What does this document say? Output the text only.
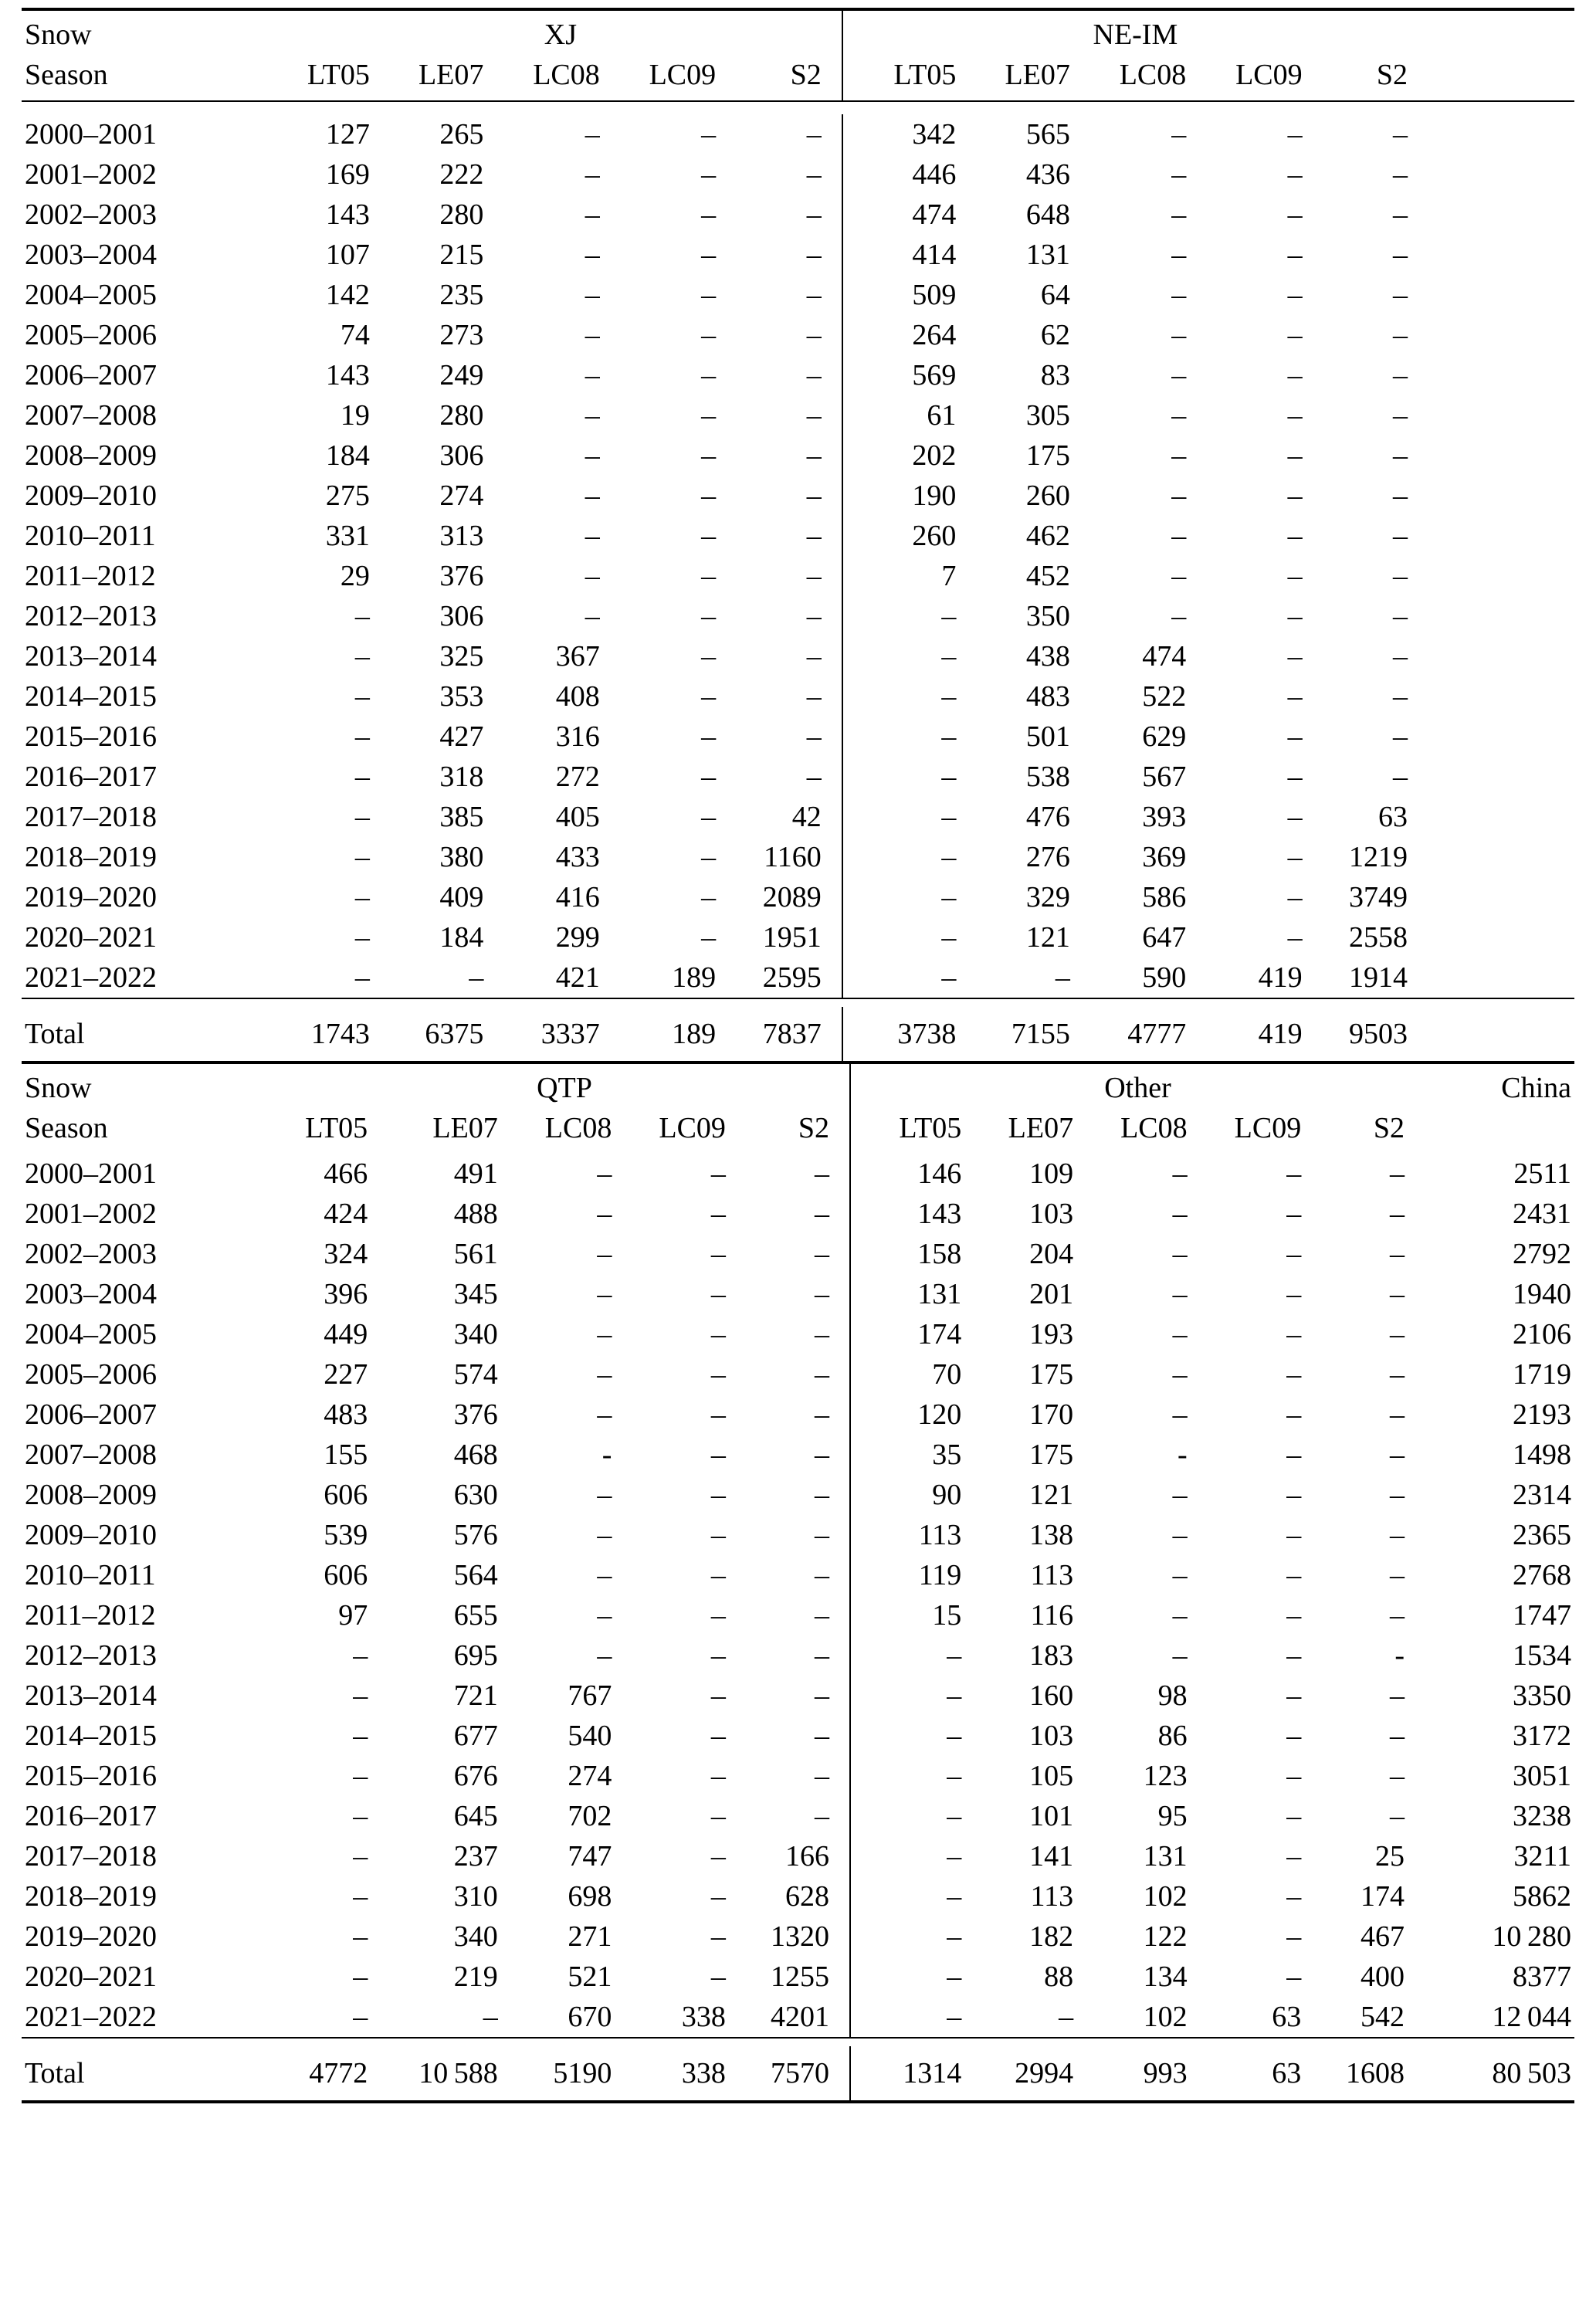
Snow	XJ					NE-IM					
Season	LT05	LE07	LC08	LC09	S2	LT05	LE07	LC08	LC09	S2	

2000–2001	127	265	–	–	–	342	565	–	–	–	
2001–2002	169	222	–	–	–	446	436	–	–	–	
2002–2003	143	280	–	–	–	474	648	–	–	–	
2003–2004	107	215	–	–	–	414	131	–	–	–	
2004–2005	142	235	–	–	–	509	64	–	–	–	
2005–2006	74	273	–	–	–	264	62	–	–	–	
2006–2007	143	249	–	–	–	569	83	–	–	–	
2007–2008	19	280	–	–	–	61	305	–	–	–	
2008–2009	184	306	–	–	–	202	175	–	–	–	
2009–2010	275	274	–	–	–	190	260	–	–	–	
2010–2011	331	313	–	–	–	260	462	–	–	–	
2011–2012	29	376	–	–	–	7	452	–	–	–	
2012–2013	–	306	–	–	–	–	350	–	–	–	
2013–2014	–	325	367	–	–	–	438	474	–	–	
2014–2015	–	353	408	–	–	–	483	522	–	–	
2015–2016	–	427	316	–	–	–	501	629	–	–	
2016–2017	–	318	272	–	–	–	538	567	–	–	
2017–2018	–	385	405	–	42	–	476	393	–	63	
2018–2019	–	380	433	–	1160	–	276	369	–	1219	
2019–2020	–	409	416	–	2089	–	329	586	–	3749	
2020–2021	–	184	299	–	1951	–	121	647	–	2558	
2021–2022	–	–	421	189	2595	–	–	590	419	1914	

Total	1743	6375	3337	189	7837	3738	7155	4777	419	9503	

Snow	QTP					Other					China
Season	LT05	LE07	LC08	LC09	S2	LT05	LE07	LC08	LC09	S2	
2000–2001	466	491	–	–	–	146	109	–	–	–	2511
2001–2002	424	488	–	–	–	143	103	–	–	–	2431
2002–2003	324	561	–	–	–	158	204	–	–	–	2792
2003–2004	396	345	–	–	–	131	201	–	–	–	1940
2004–2005	449	340	–	–	–	174	193	–	–	–	2106
2005–2006	227	574	–	–	–	70	175	–	–	–	1719
2006–2007	483	376	–	–	–	120	170	–	–	–	2193
2007–2008	155	468	-	–	–	35	175	-	–	–	1498
2008–2009	606	630	–	–	–	90	121	–	–	–	2314
2009–2010	539	576	–	–	–	113	138	–	–	–	2365
2010–2011	606	564	–	–	–	119	113	–	–	–	2768
2011–2012	97	655	–	–	–	15	116	–	–	–	1747
2012–2013	–	695	–	–	–	–	183	–	–	-	1534
2013–2014	–	721	767	–	–	–	160	98	–	–	3350
2014–2015	–	677	540	–	–	–	103	86	–	–	3172
2015–2016	–	676	274	–	–	–	105	123	–	–	3051
2016–2017	–	645	702	–	–	–	101	95	–	–	3238
2017–2018	–	237	747	–	166	–	141	131	–	25	3211
2018–2019	–	310	698	–	628	–	113	102	–	174	5862
2019–2020	–	340	271	–	1320	–	182	122	–	467	10 280
2020–2021	–	219	521	–	1255	–	88	134	–	400	8377
2021–2022	–	–	670	338	4201	–	–	102	63	542	12 044

Total	4772	10 588	5190	338	7570	1314	2994	993	63	1608	80 503
